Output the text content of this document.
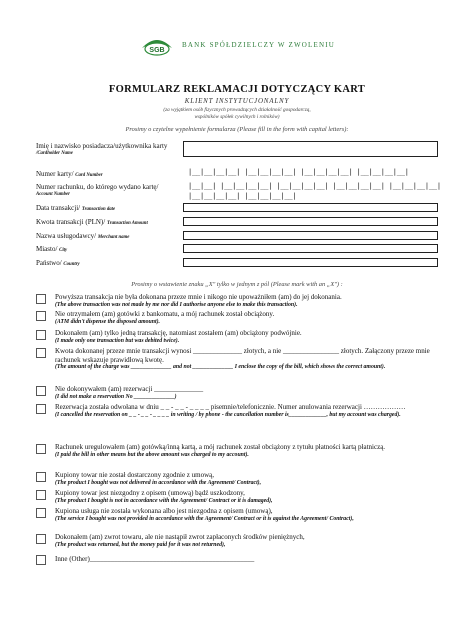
SGB
BANK SPÓŁDZIELCZY W ZWOLENIU
FORMULARZ REKLAMACJI DOTYCZĄCY KART
KLIENT INSTYTUCJONALNY
(za wyjątkiem osób fizycznych prowadzących działalność gospodarczą,
wspólników spółek cywilnych i rolników)
Prosimy o czytelne wypełnienie formularza (Please fill in the form with capital letters):
Imię i nazwisko posiadacza/użytkownika karty
/Cardholder Name
Numer karty/ Card Number	|__|__|__|__| |__|__|__|__| |__|__|__|__| |__|__|__|__|
Numer rachunku, do którego wydano kartę/
Account Number
|__|__| |__|__|__|__| |__|__|__|__| |__|__|__|__| |__|__|__|__|
|__|__|__|__| |__|__|__|__|
Data transakcji/ Transaction date
Kwota transakcji (PLN)/ Transaction Amount
Nazwa usługodawcy/ Merchant name
Miasto/ City
Państwo/ Country
Prosimy o wstawienie znaku „X" tylko w jednym z pól (Please mark with an „X") :
Powyższa transakcja nie była dokonana przeze mnie i nikogo nie upoważniłem (am) do jej dokonania.
(The above transaction was not made by me nor did I authorise anyone else to make this transaction).
Nie otrzymałem (am) gotówki z bankomatu, a mój rachunek został obciążony.
(ATM didn't dispense the disposed amount).
Dokonałem (am) tylko jedną transakcję, natomiast zostałem (am) obciążony podwójnie.
(I made only one transaction but was debited twice).
Kwota dokonanej przeze mnie transakcji wynosi ______________ złotych, a nie ________________ złotych. Załączony przeze mnie rachunek wskazuje prawidłową kwotę.
(The amount of the charge was ______________ and not ______________ I enclose the copy of the bill, which shows the correct amount).
Nie dokonywałem (am) rezerwacji ______________
(I did not make a reservation No ______________)
Rezerwacja została odwołana w dniu _ _ - _ _ - _ _ _ _ pisemnie/telefonicznie. Numer anulowania rezerwacji ………………
(I cancelled the reservation on _ _ - _ _ - _ _ _ _ in writing / by phone - the cancellation number is_____________, but my account was charged).
Rachunek uregulowałem (am) gotówką/inną kartą, a mój rachunek został obciążony z tytułu płatności kartą płatniczą.
(I paid the bill in other means but the above amount was charged to my account).
Kupiony towar nie został dostarczony zgodnie z umową,
(The product I bought was not delivered in accordance with the Agreement/ Contract),
Kupiony towar jest niezgodny z opisem (umową) bądź uszkodzony,
(The product I bought is not in accordance with the Agreement/ Contract or it is damaged),
Kupiona usługa nie została wykonana albo jest niezgodna z opisem (umową),
(The service I bought was not provided in accordance with the Agreement/ Contract or it is against the Agreement/ Contract),
Dokonałem (am) zwrot towaru, ale nie nastąpił zwrot zapłaconych środków pieniężnych,
(The product was returned, but the money paid for it was not returned),
Inne (Other)_______________________________________________
